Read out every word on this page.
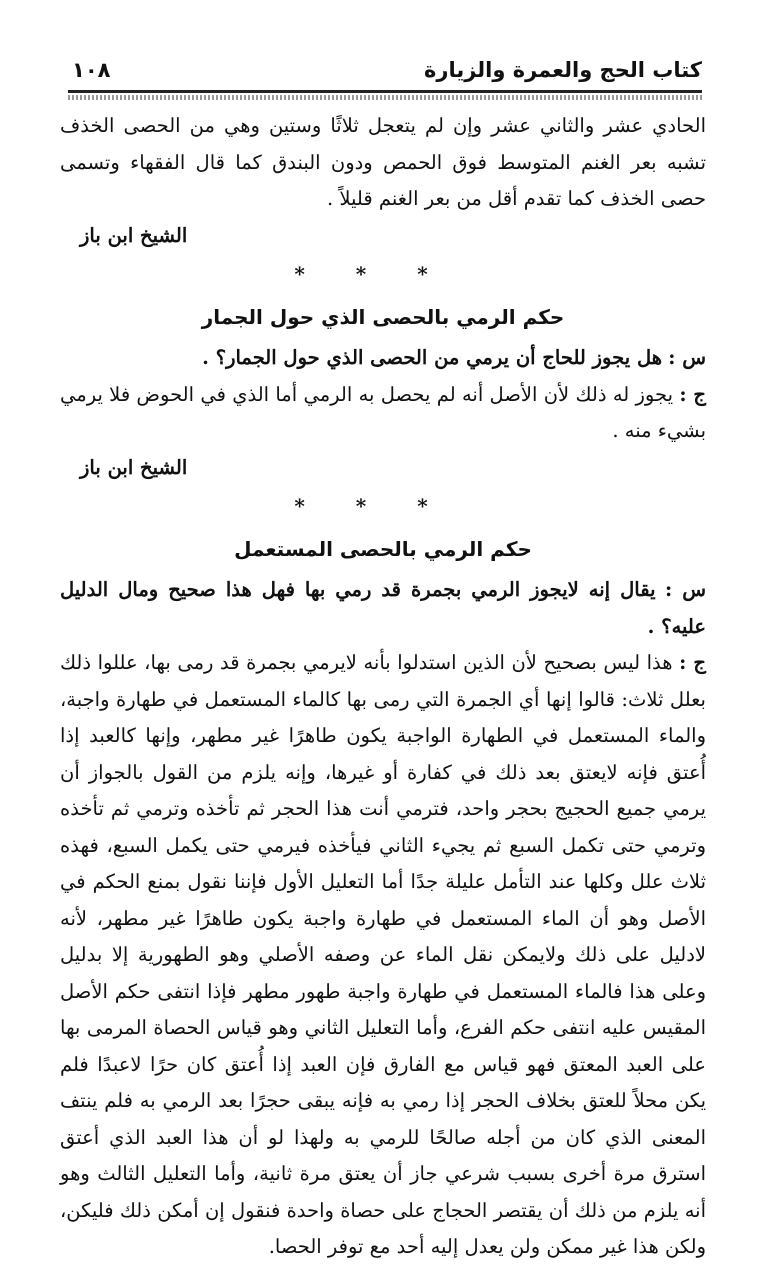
كتاب الحج والعمرة والزيارة
١٠٨

الحادي عشر والثاني عشر وإن لم يتعجل ثلاثًا وستين وهي من الحصى الخذف تشبه بعر الغنم المتوسط فوق الحمص ودون البندق كما قال الفقهاء وتسمى حصى الخذف كما تقدم أقل من بعر الغنم قليلاً .

الشيخ ابن باز

* * *
حكم الرمي بالحصى الذي حول الجمار

س : هل يجوز للحاج أن يرمي من الحصى الذي حول الجمار؟ .

ج : يجوز له ذلك لأن الأصل أنه لم يحصل به الرمي أما الذي في الحوض فلا يرمي بشيء منه .

الشيخ ابن باز

* * *
حكم الرمي بالحصى المستعمل

س : يقال إنه لايجوز الرمي بجمرة قد رمي بها فهل هذا صحيح ومال الدليل عليه؟ .

ج : هذا ليس بصحيح لأن الذين استدلوا بأنه لايرمي بجمرة قد رمى بها، عللوا ذلك بعلل ثلاث: قالوا إنها أي الجمرة التي رمى بها كالماء المستعمل في طهارة واجبة، والماء المستعمل في الطهارة الواجبة يكون طاهرًا غير مطهر، وإنها كالعبد إذا أُعتق فإنه لايعتق بعد ذلك في كفارة أو غيرها، وإنه يلزم من القول بالجواز أن يرمي جميع الحجيج بحجر واحد، فترمي أنت هذا الحجر ثم تأخذه وترمي ثم تأخذه وترمي حتى تكمل السبع ثم يجيء الثاني فيأخذه فيرمي حتى يكمل السبع، فهذه ثلاث علل وكلها عند التأمل عليلة جدًا أما التعليل الأول فإننا نقول بمنع الحكم في الأصل وهو أن الماء المستعمل في طهارة واجبة يكون طاهرًا غير مطهر، لأنه لادليل على ذلك ولايمكن نقل الماء عن وصفه الأصلي وهو الطهورية إلا بدليل وعلى هذا فالماء المستعمل في طهارة واجبة طهور مطهر فإذا انتفى حكم الأصل المقيس عليه انتفى حكم الفرع، وأما التعليل الثاني وهو قياس الحصاة المرمى بها على العبد المعتق فهو قياس مع الفارق فإن العبد إذا أُعتق كان حرًا لاعبدًا فلم يكن محلاً للعتق بخلاف الحجر إذا رمي به فإنه يبقى حجرًا بعد الرمي به فلم ينتف المعنى الذي كان من أجله صالحًا للرمي به ولهذا لو أن هذا العبد الذي أعتق استرق مرة أخرى بسبب شرعي جاز أن يعتق مرة ثانية، وأما التعليل الثالث وهو أنه يلزم من ذلك أن يقتصر الحجاج على حصاة واحدة فنقول إن أمكن ذلك فليكن، ولكن هذا غير ممكن ولن يعدل إليه أحد مع توفر الحصا.
